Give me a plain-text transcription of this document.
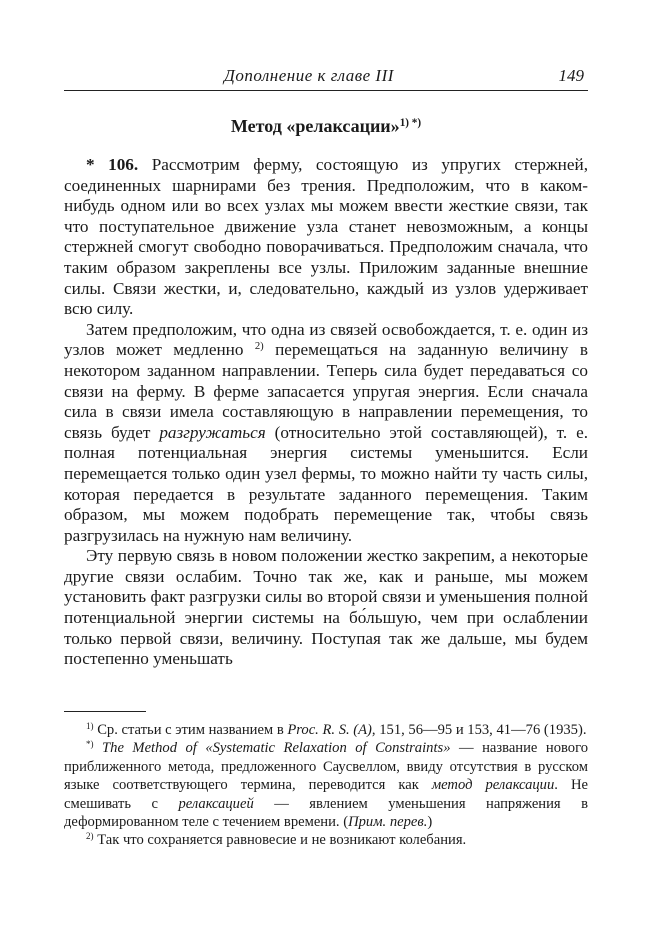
Дополнение к главе III	149
Метод «релаксации»$^{1) *)}$

* 106. Рассмотрим ферму, состоящую из упругих стержней, соединенных шарнирами без трения. Предположим, что в каком-нибудь одном или во всех узлах мы можем ввести жесткие связи, так что поступательное движение узла станет невозможным, а концы стержней смогут свободно поворачиваться. Предположим сначала, что таким образом закреплены все узлы. Приложим заданные внешние силы. Связи жестки, и, следовательно, каждый из узлов удерживает всю силу.

Затем предположим, что одна из связей освобождается, т. е. один из узлов может медленно $^{2)}$ перемещаться на заданную величину в некотором заданном направлении. Теперь сила будет передаваться со связи на ферму. В ферме запасается упругая энергия. Если сначала сила в связи имела составляющую в направлении перемещения, то связь будет разгружаться (относительно этой составляющей), т. е. полная потенциальная энергия системы уменьшится. Если перемещается только один узел фермы, то можно найти ту часть силы, которая передается в результате заданного перемещения. Таким образом, мы можем подобрать перемещение так, чтобы связь разгрузилась на нужную нам величину.

Эту первую связь в новом положении жестко закрепим, а некоторые другие связи ослабим. Точно так же, как и раньше, мы можем установить факт разгрузки силы во второй связи и уменьшения полной потенциальной энергии системы на бо́льшую, чем при ослаблении только первой связи, величину. Поступая так же дальше, мы будем постепенно уменьшать

$^{1)}$ Ср. статьи с этим названием в Proc. R. S. (A), 151, 56—95 и 153, 41—76 (1935).

*) The Method of «Systematic Relaxation of Constraints» — название нового приближенного метода, предложенного Саусвеллом, ввиду отсутствия в русском языке соответствующего термина, переводится как метод релаксации. Не смешивать с релаксацией — явлением уменьшения напряжения в деформированном теле с течением времени. (Прим. перев.)

$^{2)}$ Так что сохраняется равновесие и не возникают колебания.
